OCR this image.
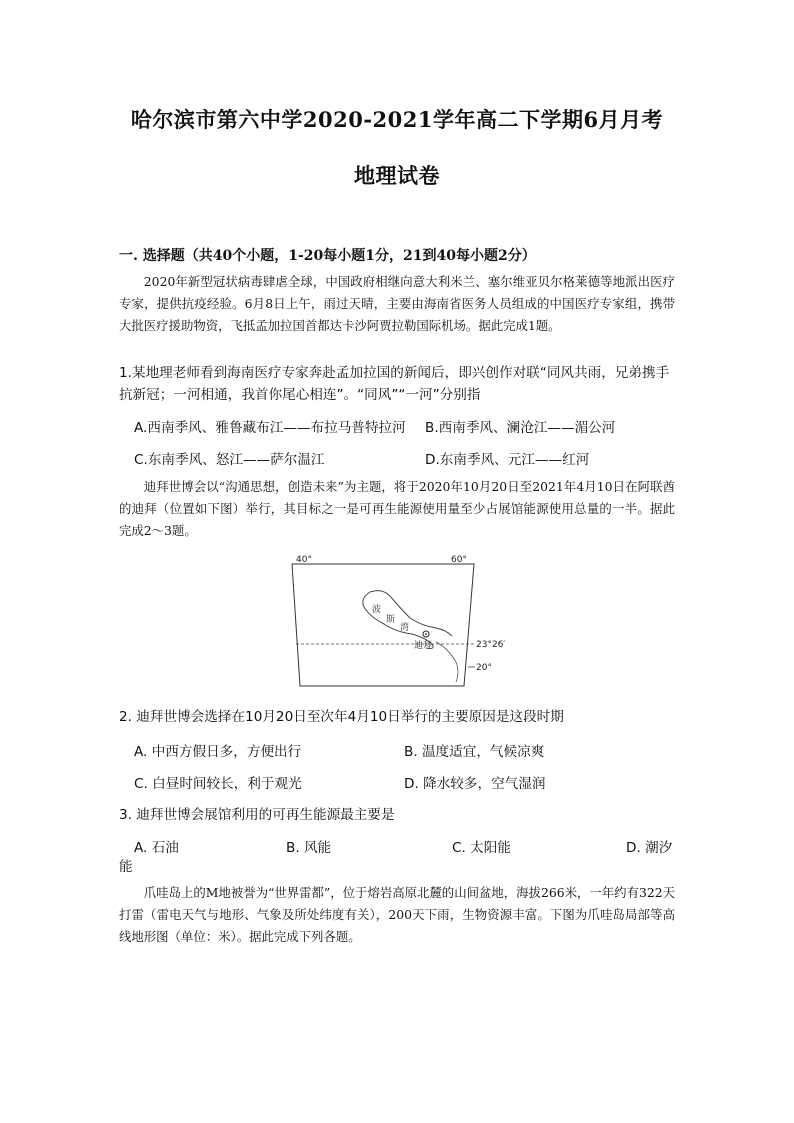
哈尔滨市第六中学2020-2021学年高二下学期6月月考
地理试卷
一. 选择题（共40个小题，1-20每小题1分，21到40每小题2分）
2020年新型冠状病毒肆虐全球，中国政府相继向意大利米兰、塞尔维亚贝尔格莱德等地派出医疗专家，提供抗疫经验。6月8日上午，雨过天晴，主要由海南省医务人员组成的中国医疗专家组，携带大批医疗援助物资，飞抵孟加拉国首都达卡沙阿贾拉勒国际机场。据此完成1题。
1.某地理老师看到海南医疗专家奔赴孟加拉国的新闻后，即兴创作对联“同风共雨，兄弟携手抗新冠；一河相通，我首你尾心相连”。“同风”“一河”分别指
A.西南季风、雅鲁藏布江——布拉马普特拉河 B.西南季风、澜沧江——湄公河
C.东南季风、怒江——萨尔温江	D.东南季风、元江——红河
迪拜世博会以“沟通思想，创造未来”为主题，将于2020年10月20日至2021年4月10日在阿联酋的迪拜（位置如下图）举行，其目标之一是可再生能源使用量至少占展馆能源使用总量的一半。据此完成2～3题。
40°	60°
波
斯
湾
迪拜	23°26′
20°
2. 迪拜世博会选择在10月20日至次年4月10日举行的主要原因是这段时期
A. 中西方假日多，方便出行	B. 温度适宜，气候凉爽
C. 白昼时间较长，利于观光	D. 降水较多，空气湿润
3. 迪拜世博会展馆利用的可再生能源最主要是
A. 石油	B. 风能	C. 太阳能	D. 潮汐
能
爪哇岛上的M地被誉为“世界雷都”，位于熔岩高原北麓的山间盆地，海拔266米，一年约有322天打雷（雷电天气与地形、气象及所处纬度有关），200天下雨，生物资源丰富。下图为爪哇岛局部等高线地形图（单位：米）。据此完成下列各题。
